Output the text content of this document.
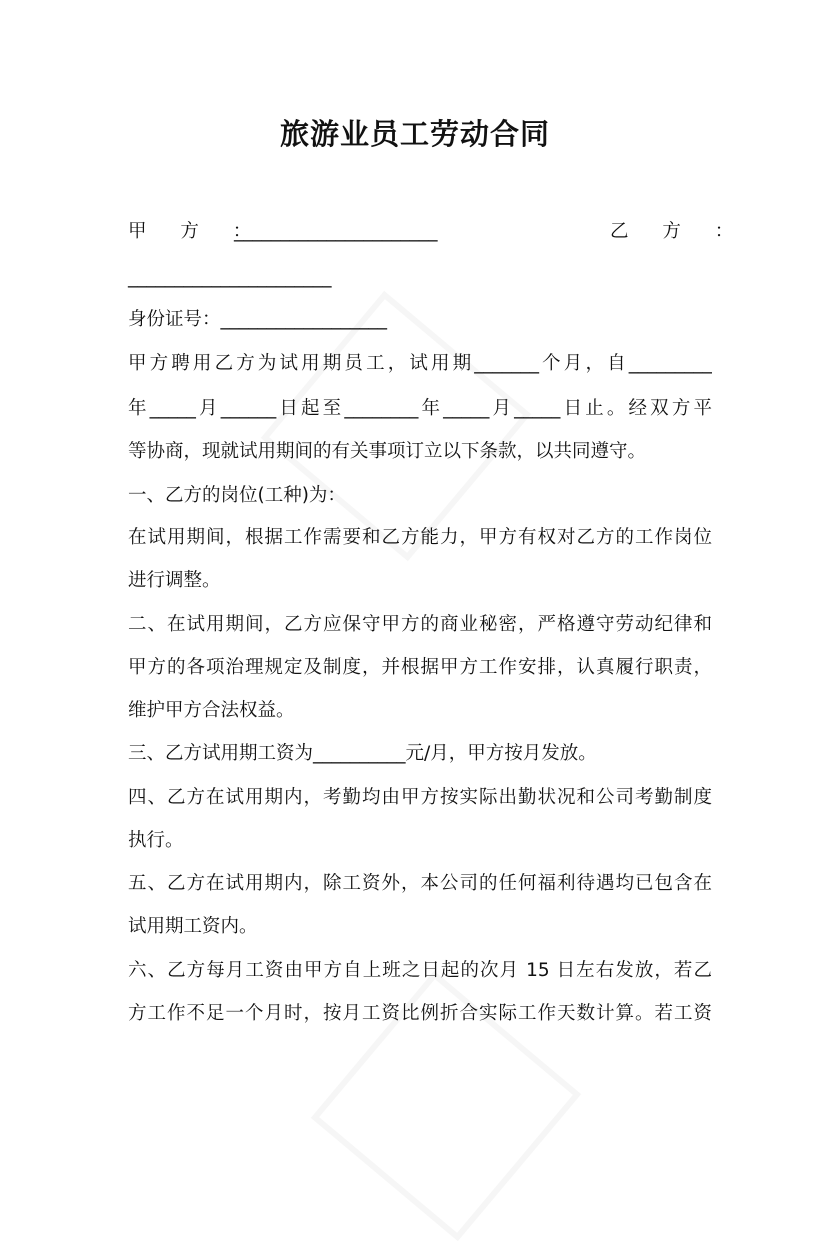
旅游业员工劳动合同
甲 方 ：
______________________	乙 方 ：
______________________
身份证号：__________________
甲方聘用乙方为试用期员工，试用期_______个月，自_________
年_____月______日起至________年_____月_____日止。经双方平
等协商，现就试用期间的有关事项订立以下条款，以共同遵守。
一、乙方的岗位(工种)为：
在试用期间，根据工作需要和乙方能力，甲方有权对乙方的工作岗位
进行调整。
二、在试用期间，乙方应保守甲方的商业秘密，严格遵守劳动纪律和
甲方的各项治理规定及制度，并根据甲方工作安排，认真履行职责，
维护甲方合法权益。
三、乙方试用期工资为__________元/月，甲方按月发放。
四、乙方在试用期内，考勤均由甲方按实际出勤状况和公司考勤制度
执行。
五、乙方在试用期内，除工资外，本公司的任何福利待遇均已包含在
试用期工资内。
六、乙方每月工资由甲方自上班之日起的次月 15 日左右发放，若乙
方工作不足一个月时，按月工资比例折合实际工作天数计算。若工资
